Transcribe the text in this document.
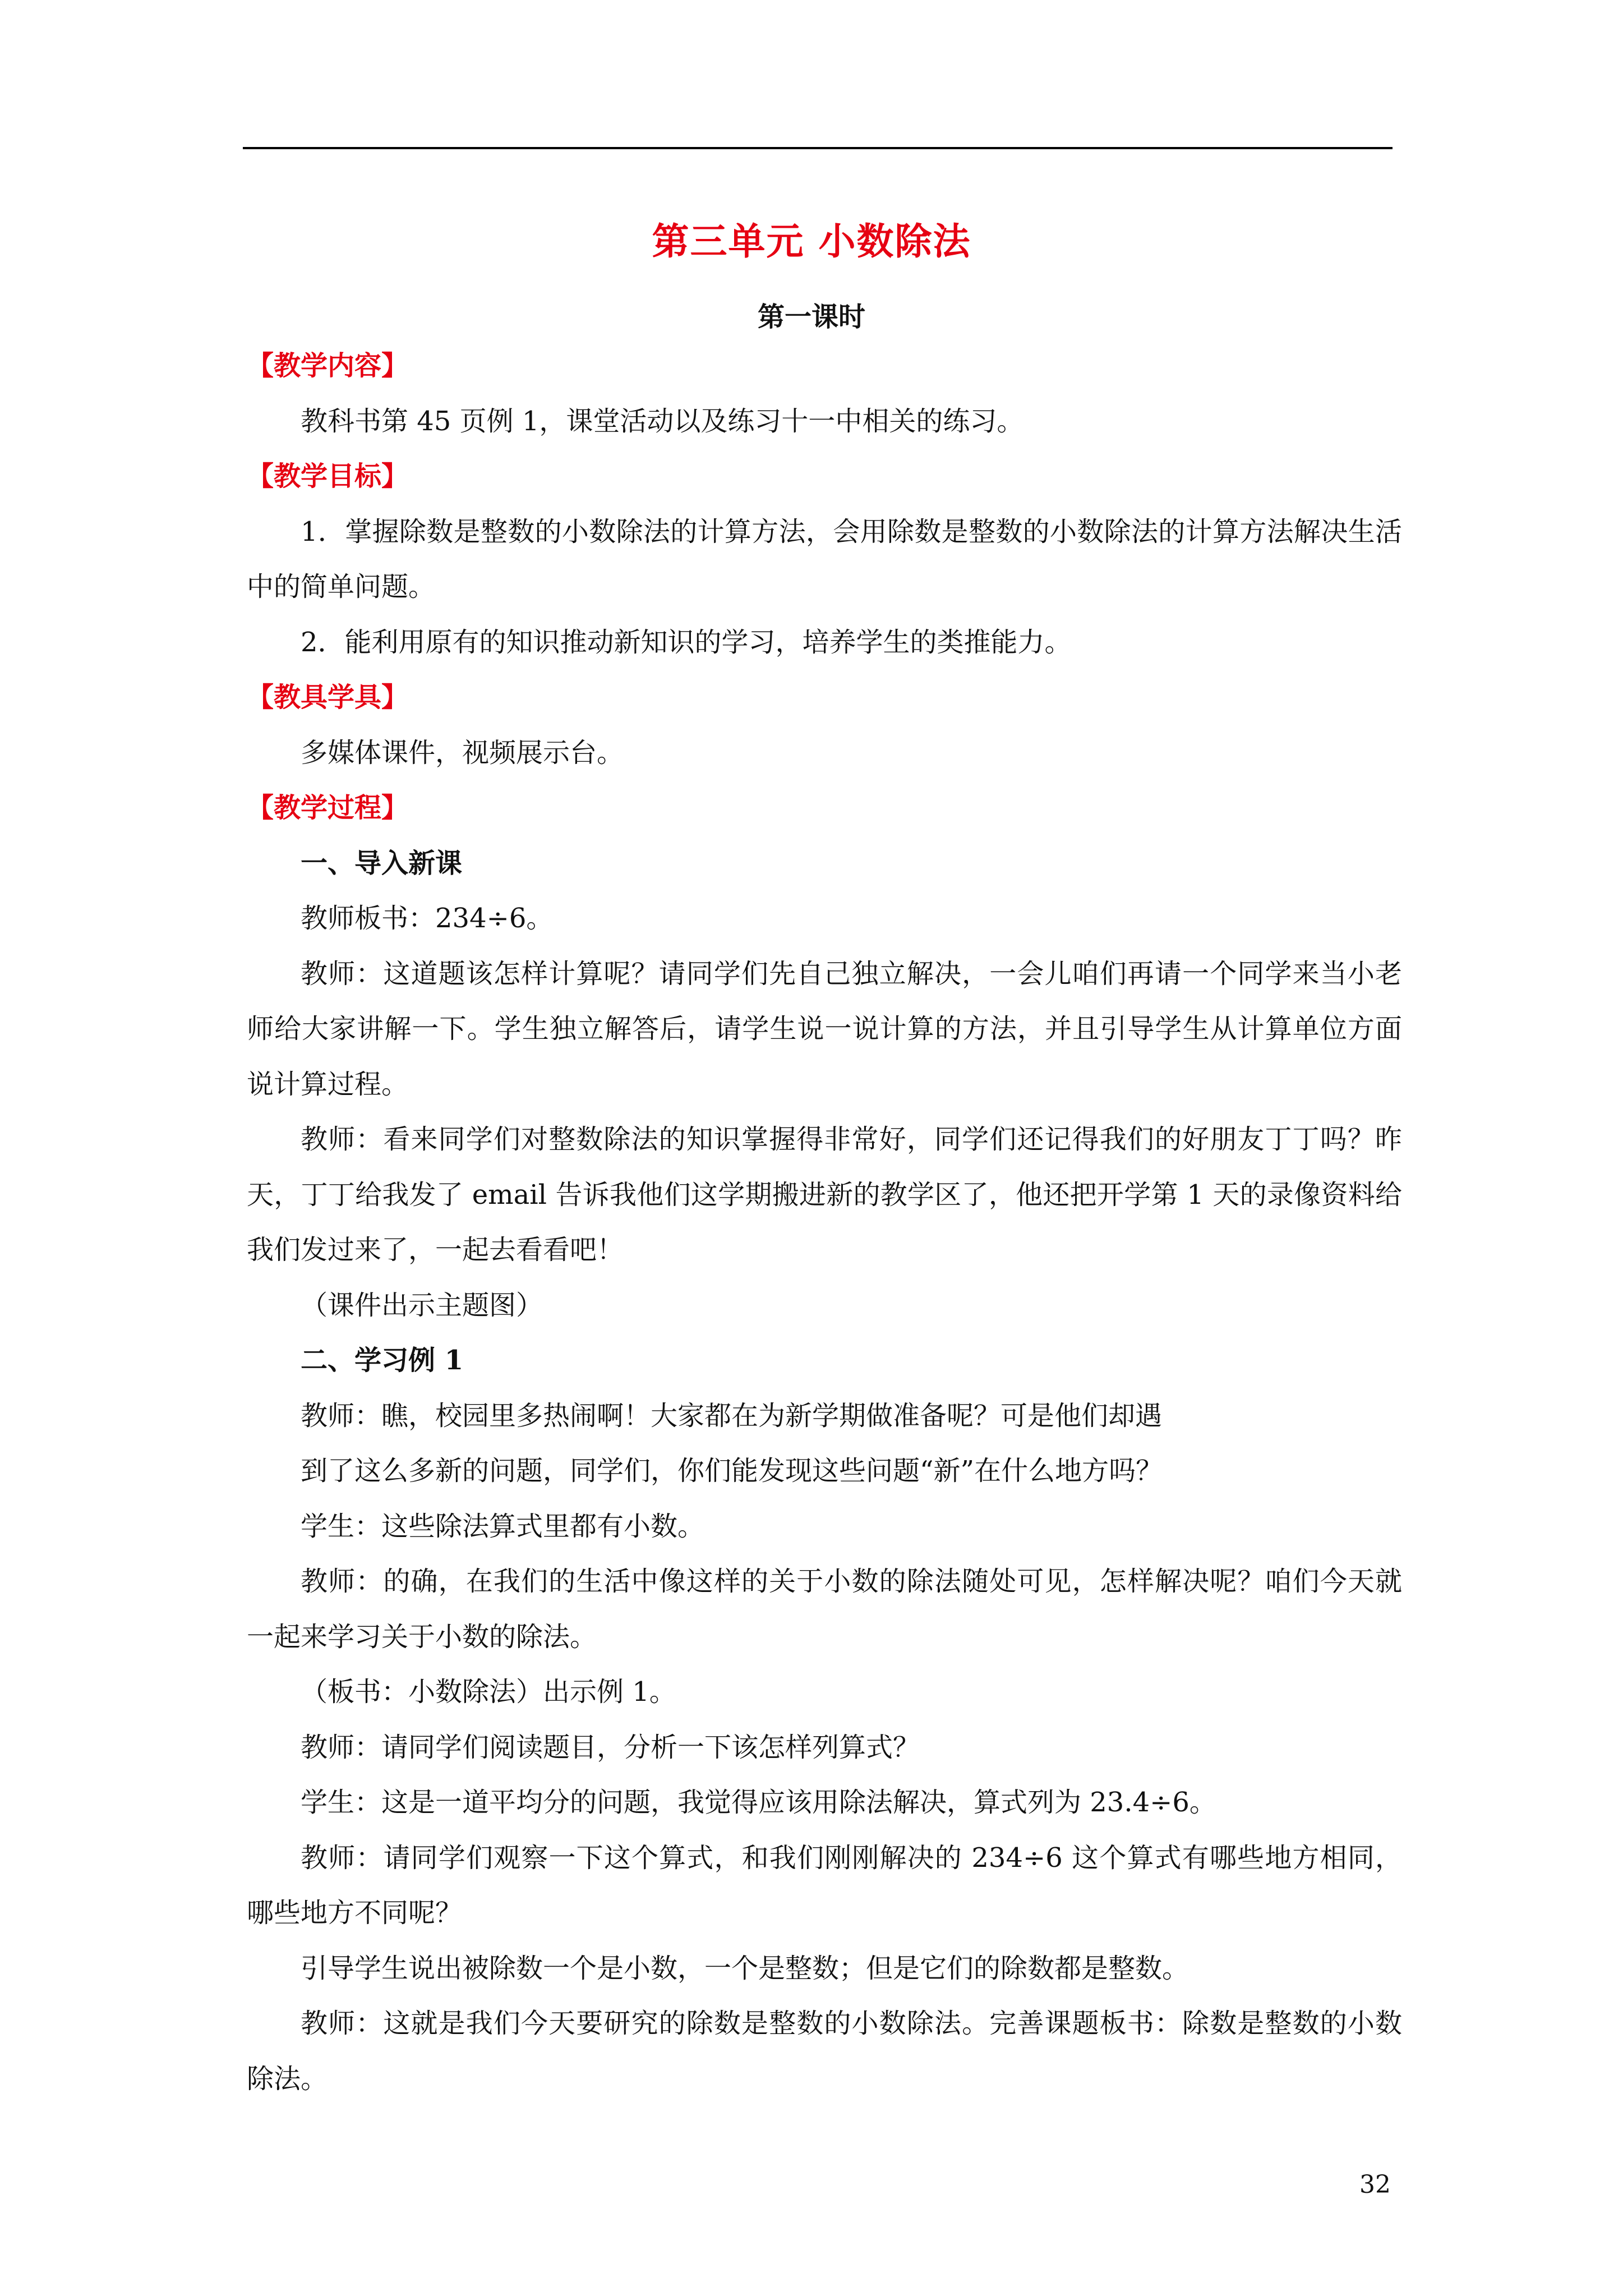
第三单元 小数除法
第一课时

【教学内容】

教科书第 45 页例 1，课堂活动以及练习十一中相关的练习。

【教学目标】

1．掌握除数是整数的小数除法的计算方法，会用除数是整数的小数除法的计算方法解决生活中的简单问题。

2．能利用原有的知识推动新知识的学习，培养学生的类推能力。

【教具学具】

多媒体课件，视频展示台。

【教学过程】

一、导入新课

教师板书：234÷6。

教师：这道题该怎样计算呢？请同学们先自己独立解决，一会儿咱们再请一个同学来当小老师给大家讲解一下。学生独立解答后，请学生说一说计算的方法，并且引导学生从计算单位方面说计算过程。

教师：看来同学们对整数除法的知识掌握得非常好，同学们还记得我们的好朋友丁丁吗？昨天，丁丁给我发了 email 告诉我他们这学期搬进新的教学区了，他还把开学第 1 天的录像资料给我们发过来了，一起去看看吧！

（课件出示主题图）

二、学习例 1

教师：瞧，校园里多热闹啊！大家都在为新学期做准备呢？可是他们却遇

到了这么多新的问题，同学们，你们能发现这些问题“新”在什么地方吗？

学生：这些除法算式里都有小数。

教师：的确，在我们的生活中像这样的关于小数的除法随处可见，怎样解决呢？咱们今天就一起来学习关于小数的除法。

（板书：小数除法）出示例 1。

教师：请同学们阅读题目，分析一下该怎样列算式？

学生：这是一道平均分的问题，我觉得应该用除法解决，算式列为 23.4÷6。

教师：请同学们观察一下这个算式，和我们刚刚解决的 234÷6 这个算式有哪些地方相同，哪些地方不同呢？

引导学生说出被除数一个是小数，一个是整数；但是它们的除数都是整数。

教师：这就是我们今天要研究的除数是整数的小数除法。完善课题板书：除数是整数的小数除法。

32
